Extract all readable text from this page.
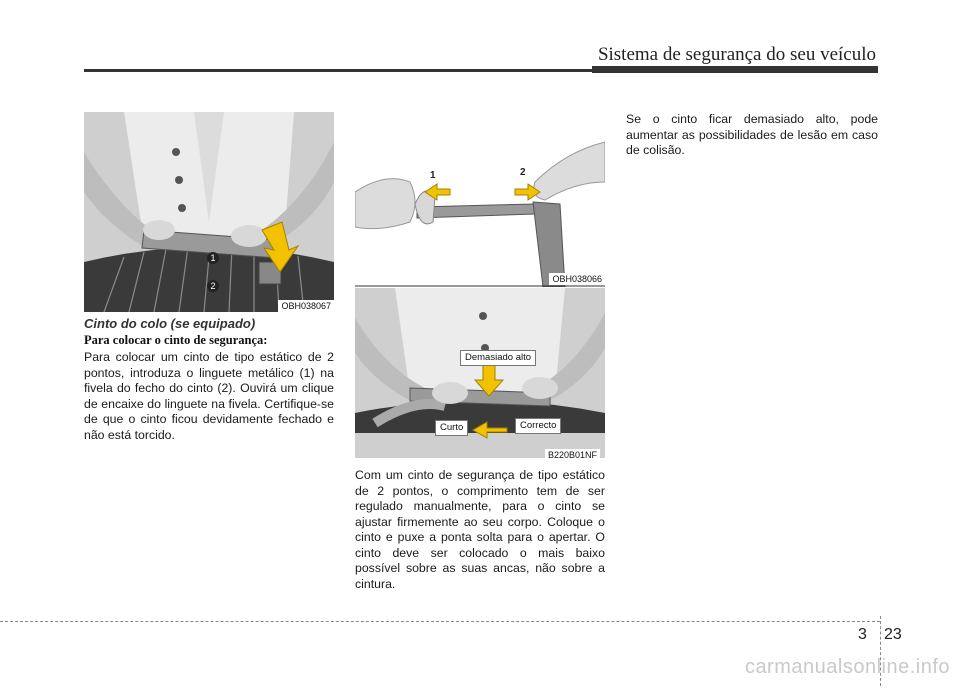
Sistema de segurança do seu veículo
1
2
OBH038067
Cinto do colo (se equipado)
Para colocar o cinto de segurança:
Para colocar um cinto de tipo estático de 2 pontos, introduza o linguete metálico (1) na fivela do fecho do cinto (2). Ouvirá um clique de encaixe do linguete na fivela. Certifique-se de que o cinto ficou devidamente fechado e não está torcido.
1	2
OBH038066
Demasiado alto
Curto	Correcto
B220B01NF
Com um cinto de segurança de tipo estático de 2 pontos, o comprimento tem de ser regulado manualmente, para o cinto se ajustar firmemente ao seu corpo. Coloque o cinto e puxe a ponta solta para o apertar. O cinto deve ser colocado o mais baixo possível sobre as suas ancas, não sobre a cintura.
Se o cinto ficar demasiado alto, pode aumentar as possibilidades de lesão em caso de colisão.
3 23
carmanualsonline.info
